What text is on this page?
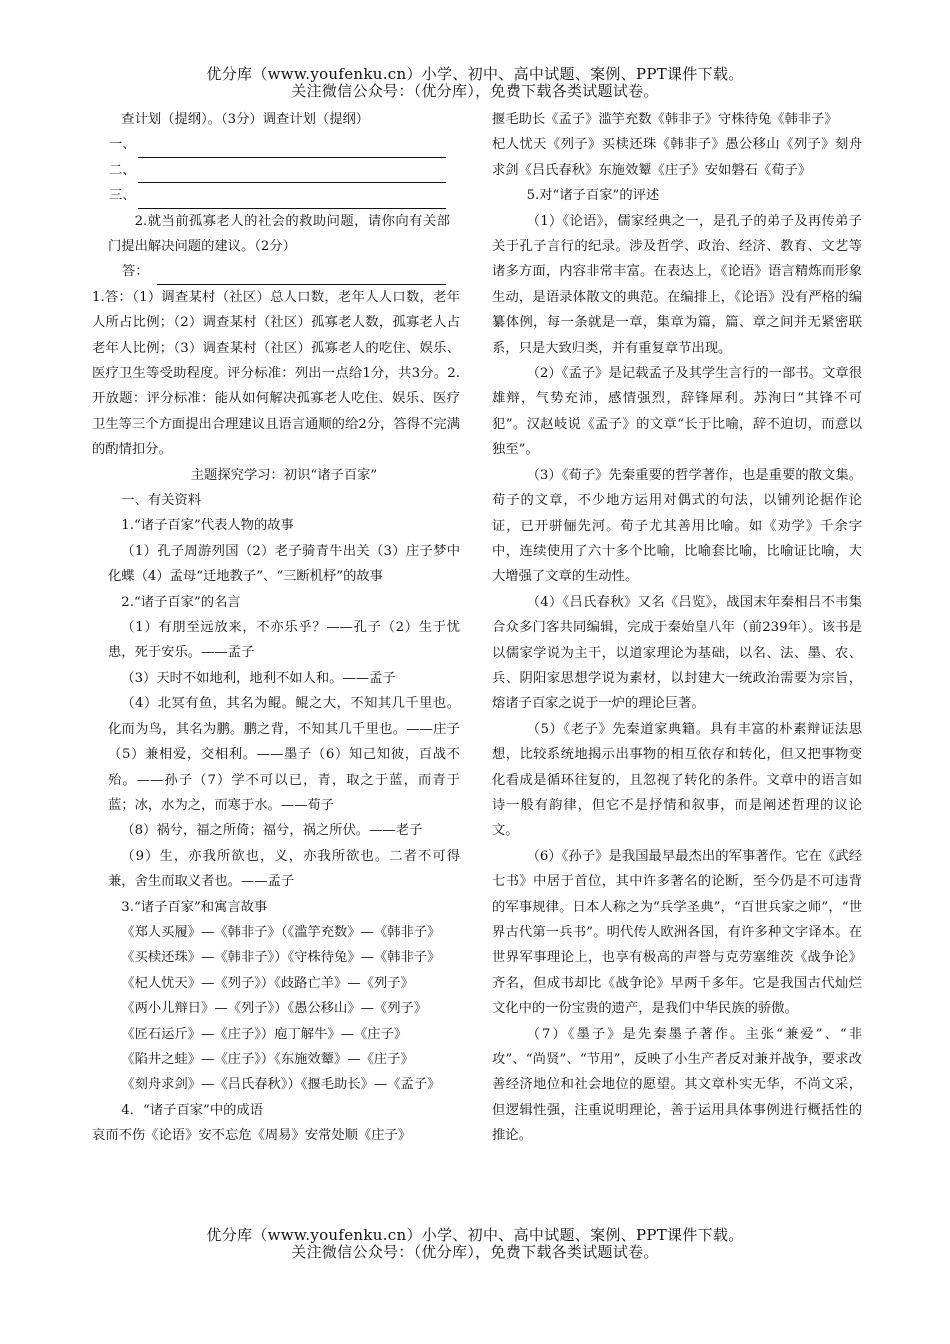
优分库（www.youfenku.cn）小学、初中、高中试题、案例、PPT课件下载。
关注微信公众号：（优分库），免费下载各类试题试卷。

查计划（提纲）。（3分）调查计划（提纲）

一、
二、
三、

2.就当前孤寡老人的社会的救助问题，请你向有关部门提出解决问题的建议。（2分）

答：

1.答：（1）调查某村（社区）总人口数，老年人人口数，老年人所占比例；（2）调查某村（社区）孤寡老人数，孤寡老人占老年人比例；（3）调查某村（社区）孤寡老人的吃住、娱乐、医疗卫生等受助程度。评分标准：列出一点给1分，共3分。2.开放题：评分标准：能从如何解决孤寡老人吃住、娱乐、医疗卫生等三个方面提出合理建议且语言通顺的给2分，答得不完满的酌情扣分。

主题探究学习：初识“诸子百家”

一、有关资料

1.“诸子百家”代表人物的故事

（1）孔子周游列国（2）老子骑青牛出关（3）庄子梦中化蝶（4）孟母“迁地教子”、“三断机杼”的故事

2.“诸子百家”的名言

（1）有朋至远放来，不亦乐乎？——孔子（2）生于忧患，死于安乐。——孟子

（3）天时不如地利，地利不如人和。——孟子

（4）北冥有鱼，其名为鲲。鲲之大，不知其几千里也。化而为鸟，其名为鹏。鹏之背，不知其几千里也。——庄子（5）兼相爱，交相利。——墨子（6）知己知彼，百战不殆。——孙子（7）学不可以已，青，取之于蓝，而青于蓝；冰，水为之，而寒于水。——荀子

（8）祸兮，福之所倚；福兮，祸之所伏。——老子

（9）生，亦我所欲也，义，亦我所欲也。二者不可得兼，舍生而取义者也。——孟子

3.“诸子百家”和寓言故事

《郑人买履》—《韩非子》（《滥竽充数》—《韩非子》

《买椟还珠》—《韩非子》）《守株待兔》—《韩非子》

《杞人忧天》—《列子》）《歧路亡羊》—《列子》

《两小儿辩日》—《列子》）《愚公移山》—《列子》

《匠石运斤》—《庄子》）庖丁解牛》—《庄子》

《陷井之蛙》—《庄子》）《东施效颦》—《庄子》

《刻舟求剑》—《吕氏春秋》）《揠毛助长》—《孟子》

4．“诸子百家”中的成语

哀而不伤《论语》安不忘危《周易》安常处顺《庄子》

揠毛助长《孟子》滥竽充数《韩非子》守株待兔《韩非子》

杞人忧天《列子》买椟还珠《韩非子》愚公移山《列子》刻舟求剑《吕氏春秋》东施效颦《庄子》安如磐石《荀子》

5.对“诸子百家”的评述

（1）《论语》，儒家经典之一，是孔子的弟子及再传弟子关于孔子言行的纪录。涉及哲学、政治、经济、教育、文艺等诸多方面，内容非常丰富。在表达上，《论语》语言精炼而形象生动，是语录体散文的典范。在编排上，《论语》没有严格的编纂体例，每一条就是一章，集章为篇，篇、章之间并无紧密联系，只是大致归类，并有重复章节出现。

（2）《孟子》是记载孟子及其学生言行的一部书。文章很雄辩，气势充沛，感情强烈，辞锋犀利。苏洵曰“其锋不可犯”。汉赵岐说《孟子》的文章“长于比喻，辞不迫切，而意以独至”。

（3）《荀子》先秦重要的哲学著作，也是重要的散文集。荀子的文章，不少地方运用对偶式的句法，以铺列论据作论证，已开骈俪先河。荀子尤其善用比喻。如《劝学》千余字中，连续使用了六十多个比喻，比喻套比喻，比喻证比喻，大大增强了文章的生动性。

（4）《吕氏春秋》又名《吕览》，战国末年秦相吕不韦集合众多门客共同编辑，完成于秦始皇八年（前239年）。该书是以儒家学说为主干，以道家理论为基础，以名、法、墨、农、兵、阴阳家思想学说为素材，以封建大一统政治需要为宗旨，熔诸子百家之说于一炉的理论巨著。

（5）《老子》先秦道家典籍。具有丰富的朴素辩证法思想，比较系统地揭示出事物的相互依存和转化，但又把事物变化看成是循环往复的，且忽视了转化的条件。文章中的语言如诗一般有韵律，但它不是抒情和叙事，而是阐述哲理的议论文。

（6）《孙子》是我国最早最杰出的军事著作。它在《武经七书》中居于首位，其中许多著名的论断，至今仍是不可违背的军事规律。日本人称之为“兵学圣典”，“百世兵家之师”，“世界古代第一兵书”。明代传人欧洲各国，有许多种文字译本。在世界军事理论上，也享有极高的声誉与克劳塞维茨《战争论》齐名，但成书却比《战争论》早两千多年。它是我国古代灿烂文化中的一份宝贵的遗产，是我们中华民族的骄傲。

（7）《墨子》是先秦墨子著作。主张“兼爱”、“非攻”、“尚贤”、“节用”，反映了小生产者反对兼并战争，要求改善经济地位和社会地位的愿望。其文章朴实无华，不尚文采，但逻辑性强，注重说明理论，善于运用具体事例进行概括性的推论。

优分库（www.youfenku.cn）小学、初中、高中试题、案例、PPT课件下载。
关注微信公众号：（优分库），免费下载各类试题试卷。
